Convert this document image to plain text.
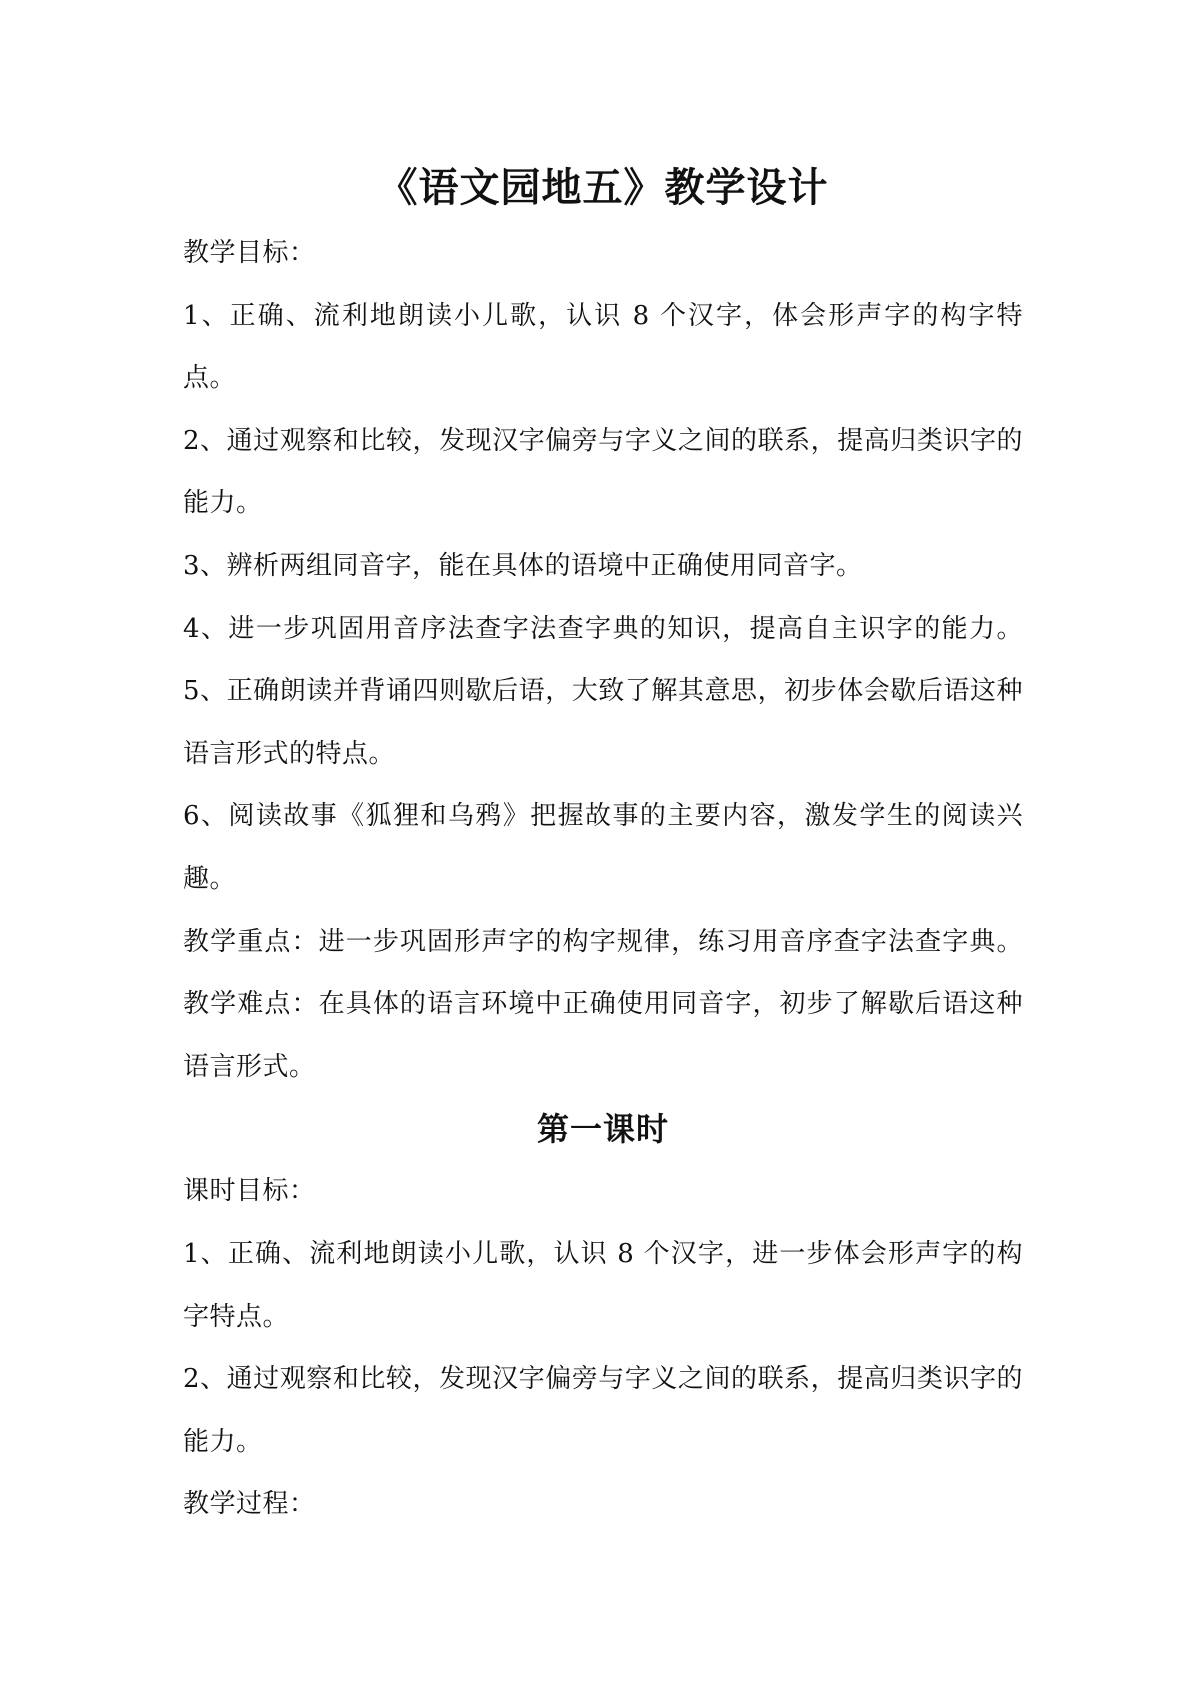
《语文园地五》教学设计

教学目标：

1、正确、流利地朗读小儿歌，认识 8 个汉字，体会形声字的构字特点。

2、通过观察和比较，发现汉字偏旁与字义之间的联系，提高归类识字的能力。

3、辨析两组同音字，能在具体的语境中正确使用同音字。

4、进一步巩固用音序法查字法查字典的知识，提高自主识字的能力。5、正确朗读并背诵四则歇后语，大致了解其意思，初步体会歇后语这种语言形式的特点。

6、阅读故事《狐狸和乌鸦》把握故事的主要内容，激发学生的阅读兴趣。

教学重点：进一步巩固形声字的构字规律，练习用音序查字法查字典。教学难点：在具体的语言环境中正确使用同音字，初步了解歇后语这种语言形式。

第一课时

课时目标：

1、正确、流利地朗读小儿歌，认识 8 个汉字，进一步体会形声字的构字特点。

2、通过观察和比较，发现汉字偏旁与字义之间的联系，提高归类识字的能力。

教学过程：
